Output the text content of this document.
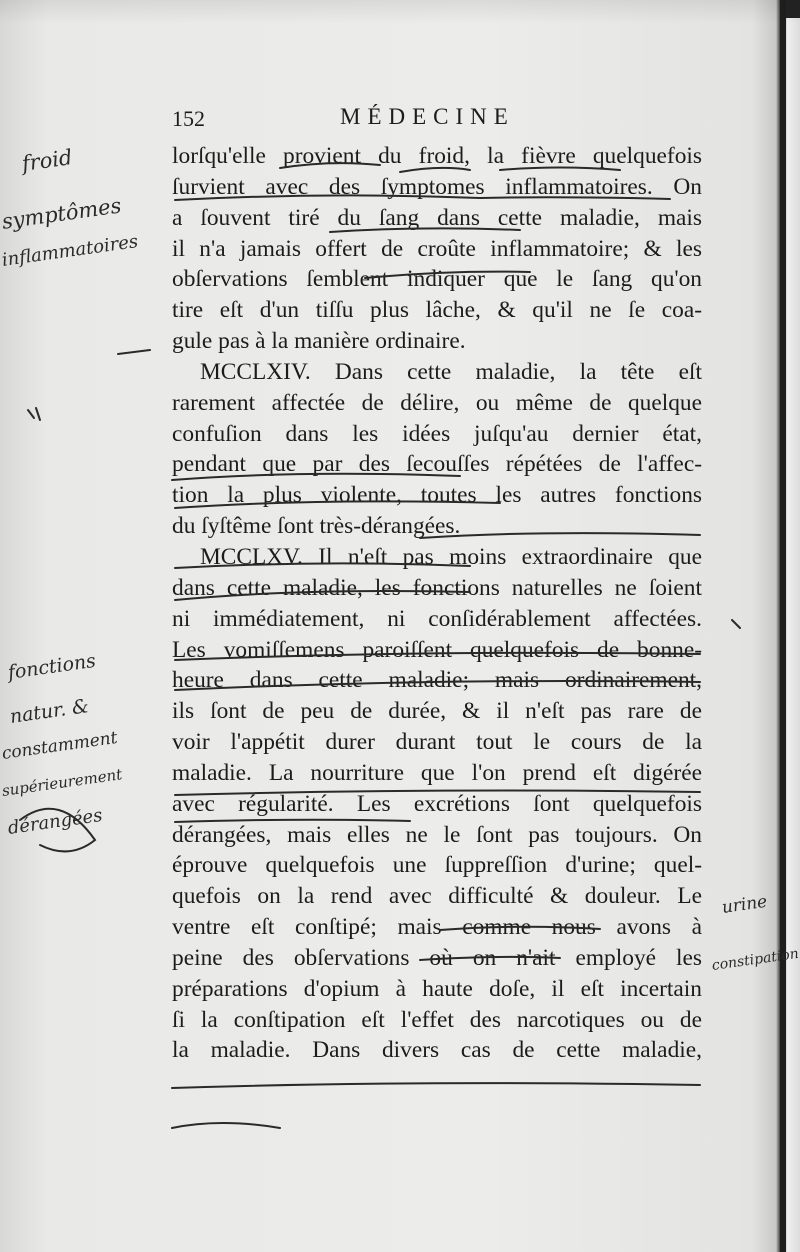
152	MÉDECINE
lorſqu'elle provient du froid, la fièvre quelquefois
ſurvient avec des ſymptomes inflammatoires. On
a ſouvent tiré du ſang dans cette maladie, mais
il n'a jamais offert de croûte inflammatoire; & les
obſervations ſemblent indiquer que le ſang qu'on
tire eſt d'un tiſſu plus lâche, & qu'il ne ſe coa-
gule pas à la manière ordinaire.
MCCLXIV. Dans cette maladie, la tête eſt
rarement affectée de délire, ou même de quelque
confuſion dans les idées juſqu'au dernier état,
pendant que par des ſecouſſes répétées de l'affec-
tion la plus violente, toutes les autres fonctions
du ſyſtême ſont très-dérangées.
MCCLXV. Il n'eſt pas moins extraordinaire que
dans cette maladie, les fonctions naturelles ne ſoient
ni immédiatement, ni conſidérablement affectées.
Les vomiſſemens paroiſſent quelquefois de bonne-
heure dans cette maladie; mais ordinairement,
ils ſont de peu de durée, & il n'eſt pas rare de
voir l'appétit durer durant tout le cours de la
maladie. La nourriture que l'on prend eſt digérée
avec régularité. Les excrétions ſont quelquefois
dérangées, mais elles ne le ſont pas toujours. On
éprouve quelquefois une ſuppreſſion d'urine; quel-
quefois on la rend avec difficulté & douleur. Le
ventre eſt conſtipé; mais comme nous avons à
peine des obſervations où on n'ait employé les
préparations d'opium à haute doſe, il eſt incertain
ſi la conſtipation eſt l'effet des narcotiques ou de
la maladie. Dans divers cas de cette maladie,
froid
symptômes
inflammatoires
fonctions
natur. &
constamment
supérieurement
dérangées
urine
constipation
